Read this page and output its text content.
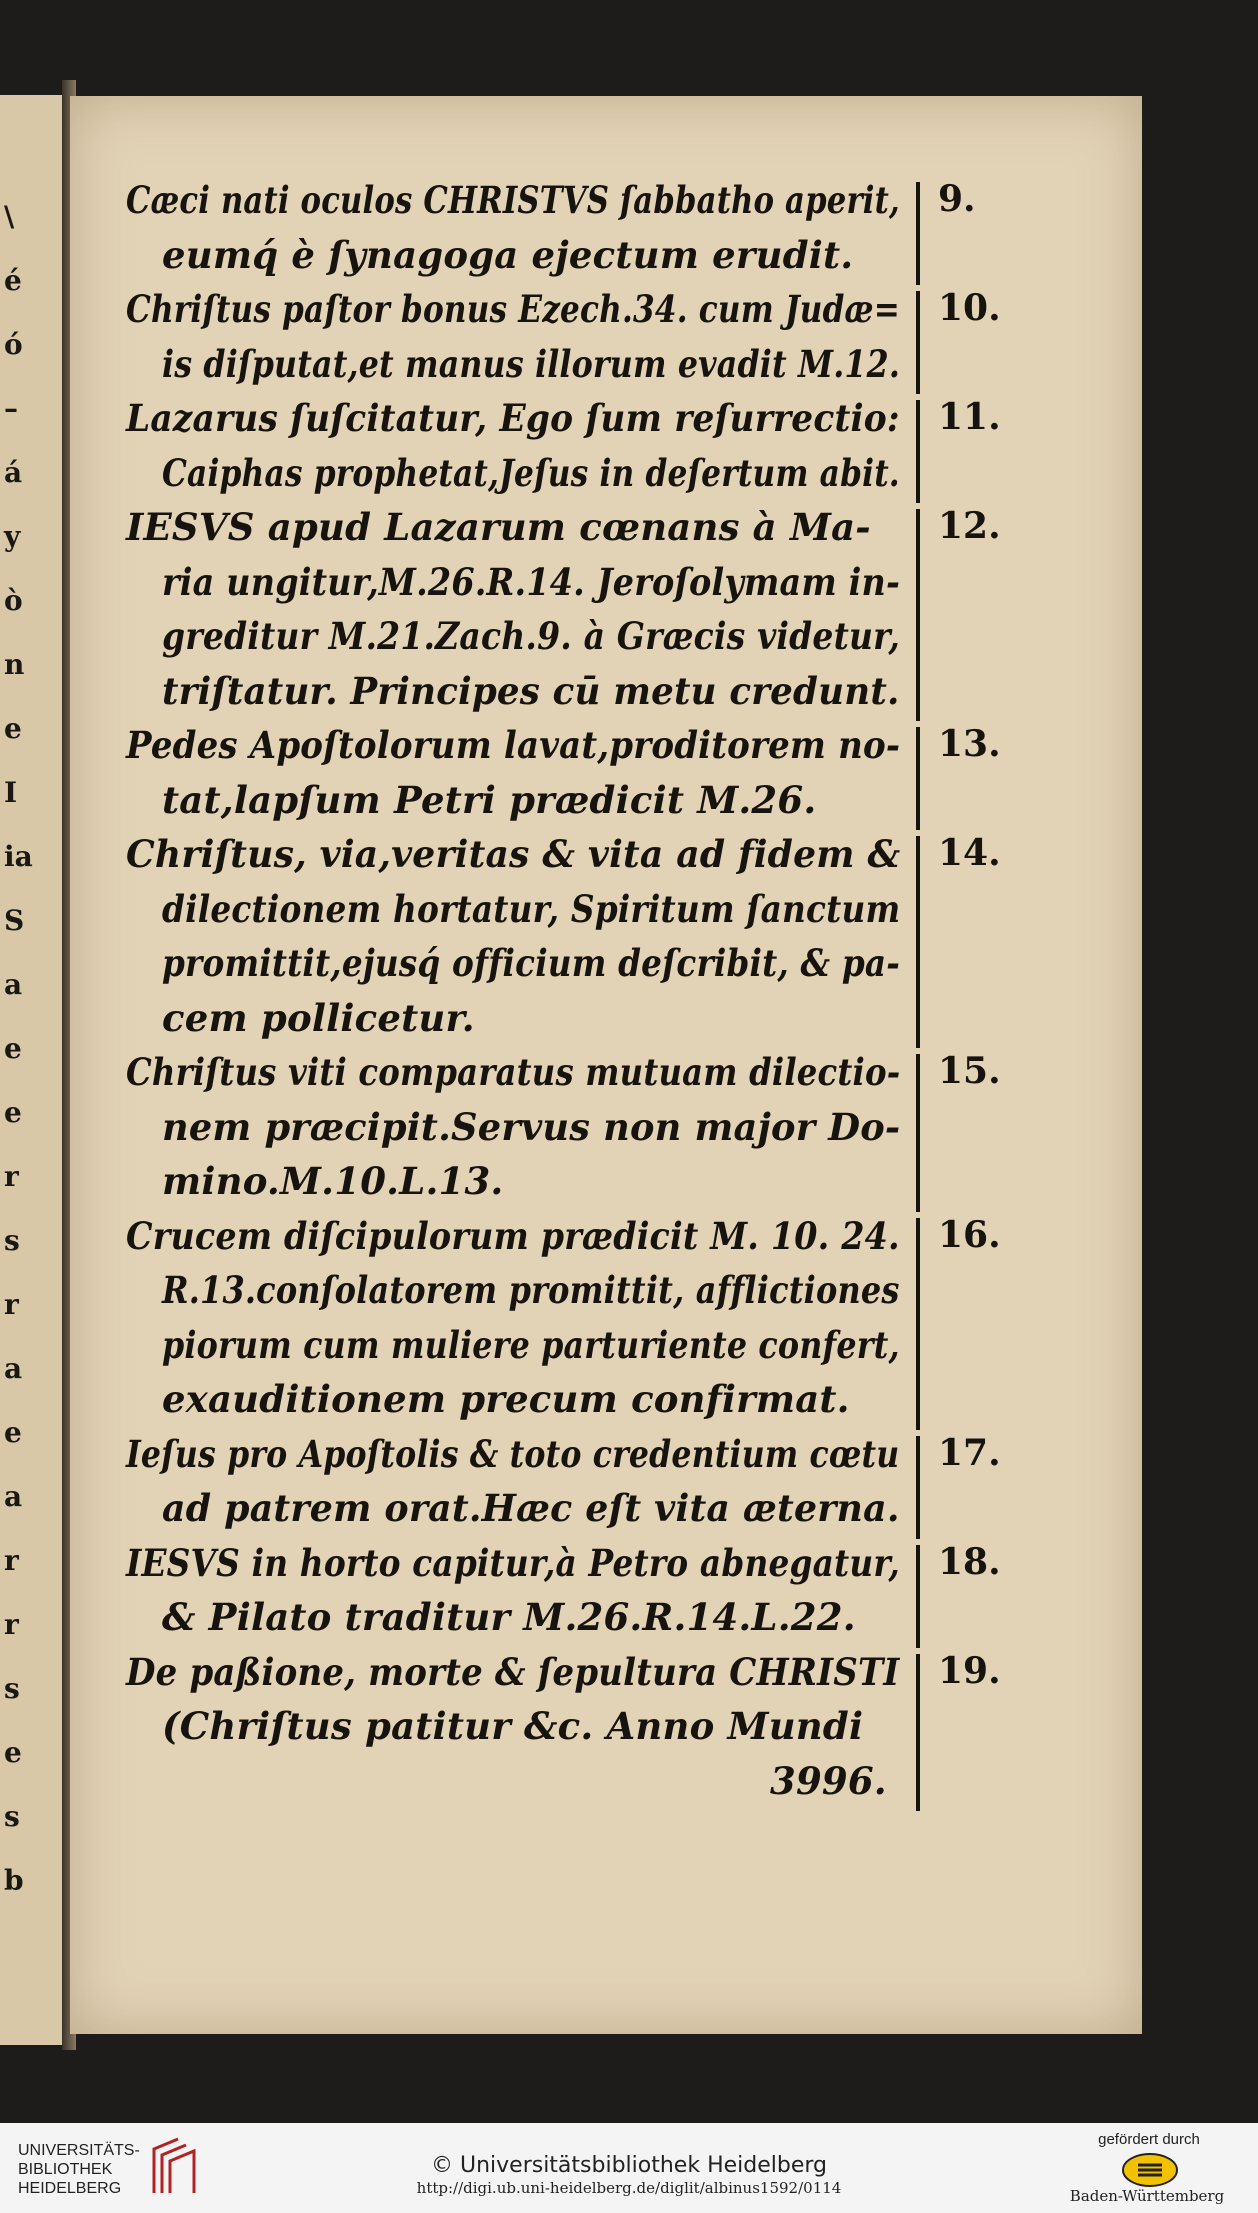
\
é
ó
–
á
y
ò
n
e
I
ia
S
a
e
e
r
s
r
a
e
a
r
r
s
e
s
b
Cæci nati oculos CHRISTVS ſabbatho aperit,
eumq́ è ſynagoga ejectum erudit.
9.
Chriſtus paſtor bonus Ezech.34. cum Judæ=
is diſputat,et manus illorum evadit M.12.
10.
Lazarus ſuſcitatur, Ego ſum reſurrectio:
Caiphas prophetat,Jeſus in deſertum abit.
11.
IESVS apud Lazarum cœnans à Ma-
ria ungitur,M.26.R.14. Jeroſolymam in-
greditur M.21.Zach.9. à Græcis videtur,
triſtatur. Principes cū metu credunt.
12.
Pedes Apoſtolorum lavat,proditorem no-
tat,lapſum Petri prædicit M.26.
13.
Chriſtus, via,veritas & vita ad fidem &
dilectionem hortatur, Spiritum ſanctum
promittit,ejusq́ officium deſcribit, & pa-
cem pollicetur.
14.
Chriſtus viti comparatus mutuam dilectio-
nem præcipit.Servus non major Do-
mino.M.10.L.13.
15.
Crucem diſcipulorum prædicit M. 10. 24.
R.13.conſolatorem promittit, afflictiones
piorum cum muliere parturiente confert,
exauditionem precum confirmat.
16.
Ieſus pro Apoſtolis & toto credentium cœtu
ad patrem orat.Hæc eſt vita æterna.
17.
IESVS in horto capitur,à Petro abnegatur,
& Pilato traditur M.26.R.14.L.22.
18.
De paßione, morte & ſepultura CHRISTI
(Chriſtus patitur &c. Anno Mundi
3996.
19.
UNIVERSITÄTS-
BIBLIOTHEK
HEIDELBERG
© Universitätsbibliothek Heidelberg
http://digi.ub.uni-heidelberg.de/diglit/albinus1592/0114
gefördert durch
Baden-Württemberg
